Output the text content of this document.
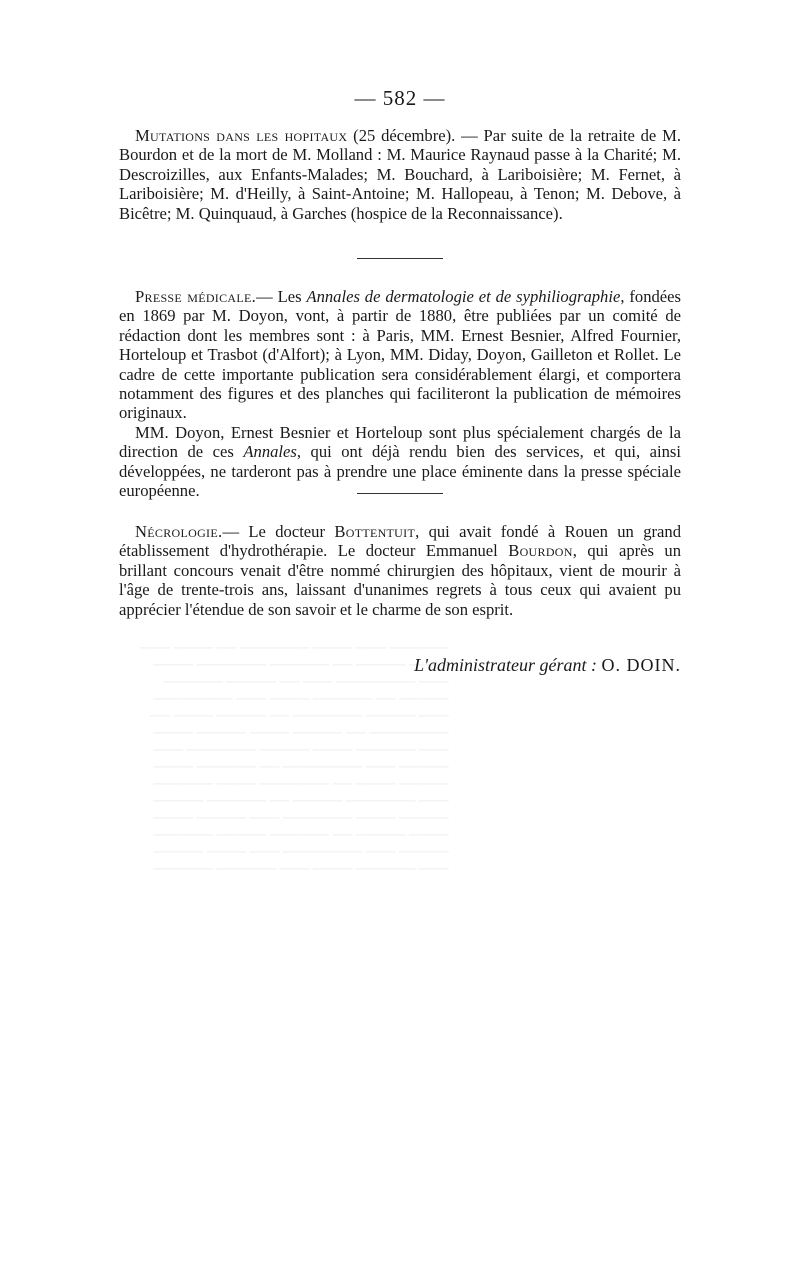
────── ─── ──── ─────── ── ──── ───
──── ───── ── ────── ─────── ────
─── ──────── ─── ── ───── ──────
───── ── ────── ──── ─── ────────
─── ───── ─────── ── ───── ──── ──
──────── ── ───── ──── ───── ────
─── ────── ──── ───── ─────── ───
───── ─── ──────── ── ────── ────
───── ──── ── ─────── ──── ──────
─── ─────── ───── ── ────── ─────
───── ──── ─────── ─── ───── ────
──── ───── ── ────── ───── ──────
───── ─── ──────── ─── ──── ─────
─── ────── ──── ─── ────── ──────

— 582 —

Mutations dans les hopitaux (25 décembre). — Par suite de la retraite de M. Bourdon et de la mort de M. Molland : M. Maurice Raynaud passe à la Charité; M. Descroizilles, aux Enfants-Malades; M. Bouchard, à Lariboisière; M. Fernet, à Lariboisière; M. d'Heilly, à Saint-Antoine; M. Hallopeau, à Tenon; M. Debove, à Bicêtre; M. Quinquaud, à Garches (hospice de la Reconnaissance).

Presse médicale.— Les Annales de dermatologie et de syphiliographie, fondées en 1869 par M. Doyon, vont, à partir de 1880, être publiées par un comité de rédaction dont les membres sont : à Paris, MM. Ernest Besnier, Alfred Fournier, Horteloup et Trasbot (d'Alfort); à Lyon, MM. Diday, Doyon, Gailleton et Rollet. Le cadre de cette importante publication sera considérablement élargi, et comportera notamment des figures et des planches qui faciliteront la publication de mémoires originaux.

MM. Doyon, Ernest Besnier et Horteloup sont plus spécialement chargés de la direction de ces Annales, qui ont déjà rendu bien des services, et qui, ainsi développées, ne tarderont pas à prendre une place éminente dans la presse spéciale européenne.

Nécrologie.— Le docteur Bottentuit, qui avait fondé à Rouen un grand établissement d'hydrothérapie. Le docteur Emmanuel Bourdon, qui après un brillant concours venait d'être nommé chirurgien des hôpitaux, vient de mourir à l'âge de trente-trois ans, laissant d'unanimes regrets à tous ceux qui avaient pu apprécier l'étendue de son savoir et le charme de son esprit.

L'administrateur gérant : O. DOIN.
